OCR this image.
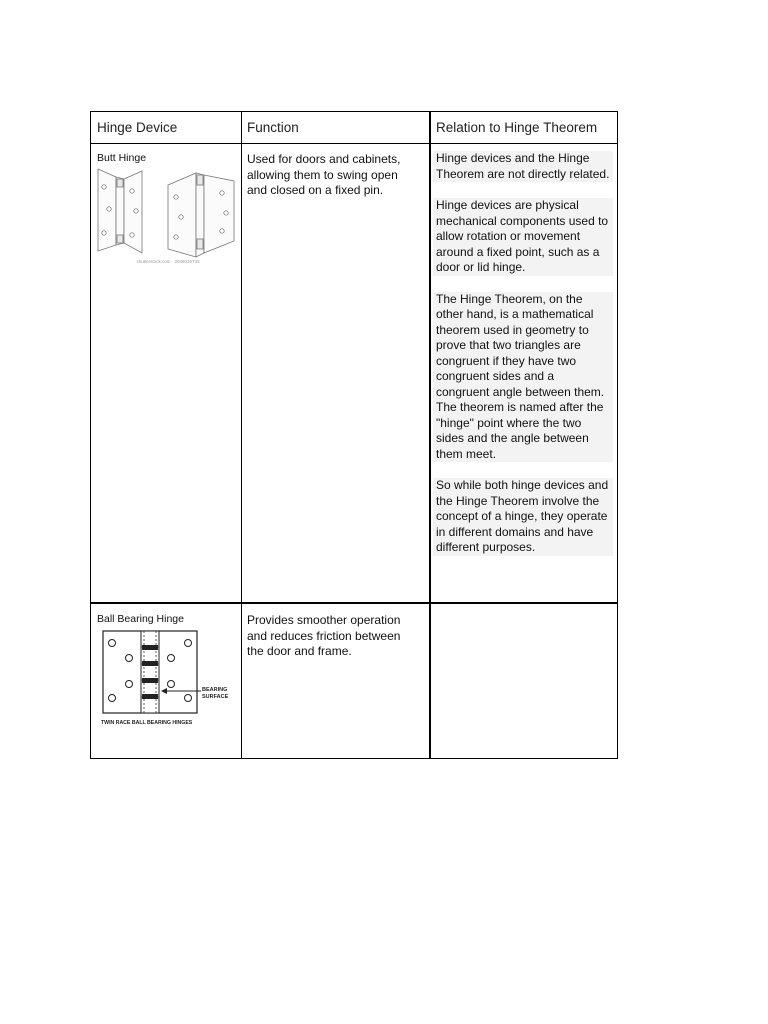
Hinge Device	Function	Relation to Hinge Theorem
Butt Hinge
shutterstock.com · 2046025733
Used for doors and cabinets, allowing them to swing open and closed on a fixed pin.

Hinge devices and the Hinge Theorem are not directly related.

Hinge devices are physical mechanical components used to allow rotation or movement around a fixed point, such as a door or lid hinge.

The Hinge Theorem, on the other hand, is a mathematical theorem used in geometry to prove that two triangles are congruent if they have two congruent sides and a congruent angle between them. The theorem is named after the "hinge" point where the two sides and the angle between them meet.

So while both hinge devices and the Hinge Theorem involve the concept of a hinge, they operate in different domains and have different purposes.

Ball Bearing Hinge
BEARING
SURFACE
TWIN RACE BALL BEARING HINGES
Provides smoother operation and reduces friction between the door and frame.
